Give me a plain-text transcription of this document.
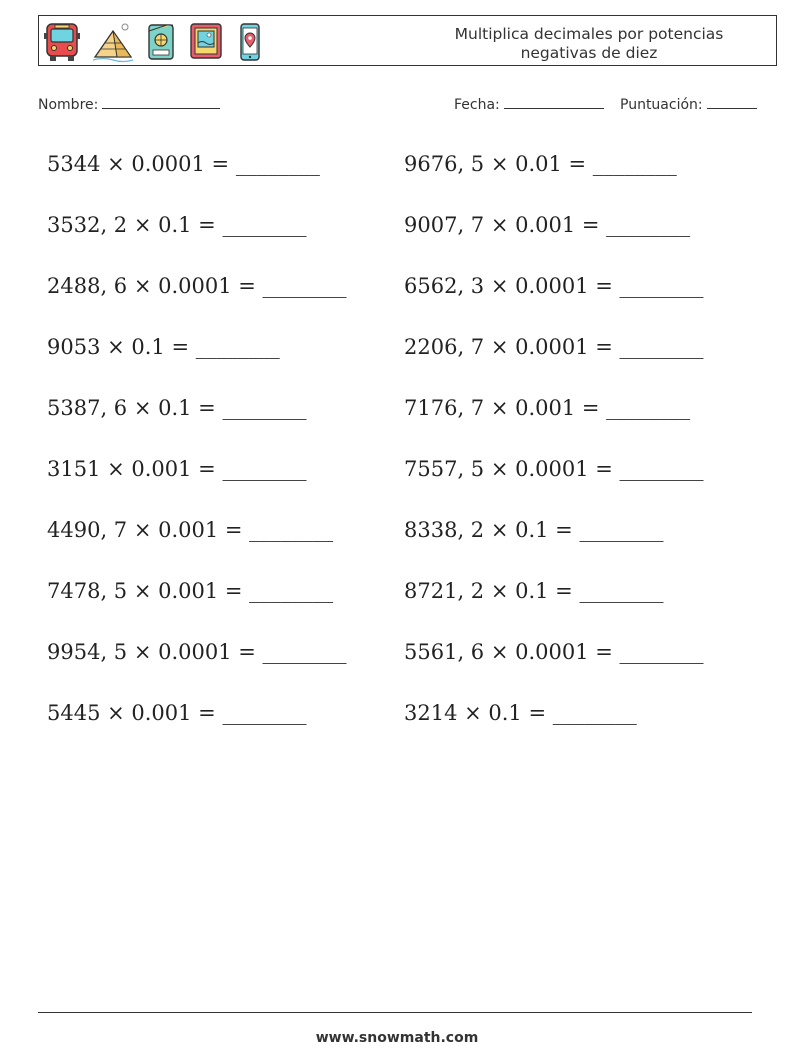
Multiplica decimales por potencias
negativas de diez
Nombre:	Fecha:	Puntuación:
5344 × 0.0001 = ________
3532, 2 × 0.1 = ________
2488, 6 × 0.0001 = ________
9053 × 0.1 = ________
5387, 6 × 0.1 = ________
3151 × 0.001 = ________
4490, 7 × 0.001 = ________
7478, 5 × 0.001 = ________
9954, 5 × 0.0001 = ________
5445 × 0.001 = ________
9676, 5 × 0.01 = ________
9007, 7 × 0.001 = ________
6562, 3 × 0.0001 = ________
2206, 7 × 0.0001 = ________
7176, 7 × 0.001 = ________
7557, 5 × 0.0001 = ________
8338, 2 × 0.1 = ________
8721, 2 × 0.1 = ________
5561, 6 × 0.0001 = ________
3214 × 0.1 = ________
www.snowmath.com
